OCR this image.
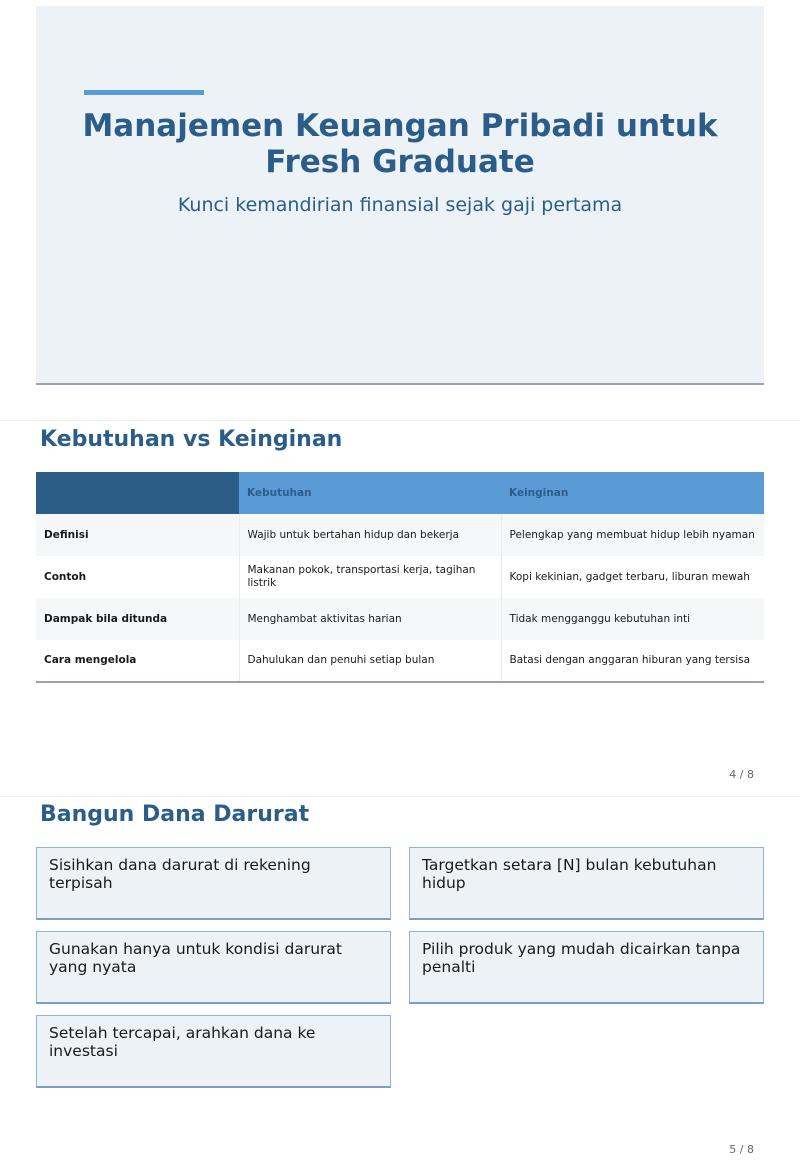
Manajemen Keuangan Pribadi untuk Fresh Graduate

Kunci kemandirian finansial sejak gaji pertama

Kebutuhan vs Keinginan
	Kebutuhan	Keinginan
Definisi	Wajib untuk bertahan hidup dan bekerja	Pelengkap yang membuat hidup lebih nyaman
Contoh	Makanan pokok, transportasi kerja, tagihan listrik	Kopi kekinian, gadget terbaru, liburan mewah
Dampak bila ditunda	Menghambat aktivitas harian	Tidak mengganggu kebutuhan inti
Cara mengelola	Dahulukan dan penuhi setiap bulan	Batasi dengan anggaran hiburan yang tersisa
4 / 8
Bangun Dana Darurat
Sisihkan dana darurat di rekening terpisah
Targetkan setara [N] bulan kebutuhan hidup
Gunakan hanya untuk kondisi darurat yang nyata
Pilih produk yang mudah dicairkan tanpa penalti
Setelah tercapai, arahkan dana ke investasi
5 / 8
